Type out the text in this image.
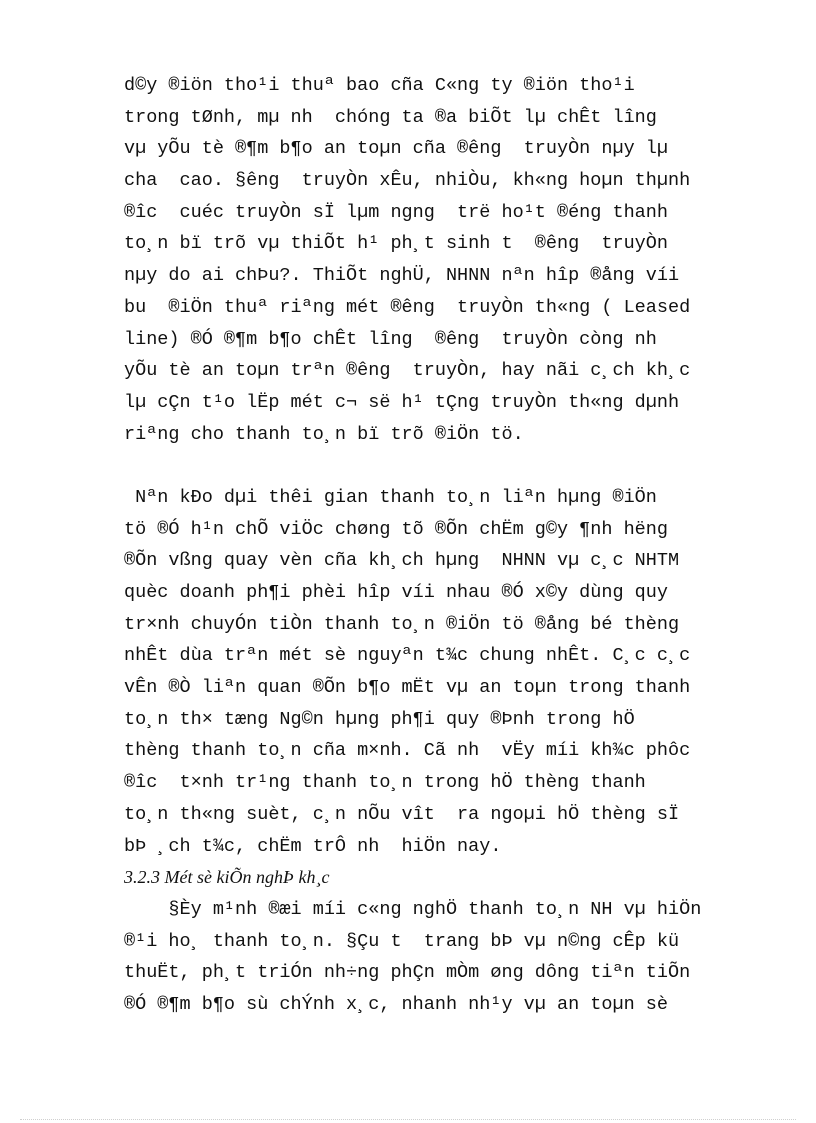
d©y ®iön tho¹i thuª bao cña C«ng ty ®iön tho¹i
trong tØnh, mµ nh  chóng ta ®a biÕt lµ chÊt lîng
vµ yÕu tè ®¶m b¶o an toµn cña ®êng  truyÒn nµy lµ
cha  cao. §êng  truyÒn xÊu, nhiÒu, kh«ng hoµn thµnh
®îc  cuéc truyÒn sÏ lµm ngng  trë ho¹t ®éng thanh
to¸n bï trõ vµ thiÕt h¹ ph¸t sinh t  ®êng  truyÒn
nµy do ai chÞu?. ThiÕt nghÜ, NHNN nªn hîp ®ång víi
bu  ®iÖn thuª riªng mét ®êng  truyÒn th«ng ( Leased
line) ®Ó ®¶m b¶o chÊt lîng  ®êng  truyÒn còng nh
yÕu tè an toµn trªn ®êng  truyÒn, hay nãi c¸ch kh¸c
lµ cÇn t¹o lËp mét c¬ së h¹ tÇng truyÒn th«ng dµnh
riªng cho thanh to¸n bï trõ ®iÖn tö.

Nªn kÐo dµi thêi gian thanh to¸n liªn hµng ®iÖn
tö ®Ó h¹n chÕ viÖc chøng tõ ®Õn chËm g©y ¶nh hëng
®Õn vßng quay vèn cña kh¸ch hµng  NHNN vµ c¸c NHTM
quèc doanh ph¶i phèi hîp víi nhau ®Ó x©y dùng quy
tr×nh chuyÓn tiÒn thanh to¸n ®iÖn tö ®ång bé thèng
nhÊt dùa trªn mét sè nguyªn t¾c chung nhÊt. C¸c c¸c
vÊn ®Ò liªn quan ®Õn b¶o mËt vµ an toµn trong thanh
to¸n th× tæng Ng©n hµng ph¶i quy ®Þnh trong hÖ
thèng thanh to¸n cña m×nh. Cã nh  vËy míi kh¾c phôc
®îc  t×nh tr¹ng thanh to¸n trong hÖ thèng thanh
to¸n th«ng suèt, c¸n nÕu vît  ra ngoµi hÖ thèng sÏ
bÞ ¸ch t¾c, chËm trÔ nh  hiÖn nay.
3.2.3 Mét sè kiÕn nghÞ kh¸c
§Èy m¹nh ®æi míi c«ng nghÖ thanh to¸n NH vµ hiÖn
®¹i ho¸ thanh to¸n. §Çu t  trang bÞ vµ n©ng cÊp kü
thuËt, ph¸t triÓn nh÷ng phÇn mÒm øng dông tiªn tiÕn
®Ó ®¶m b¶o sù chÝnh x¸c, nhanh nh¹y vµ an toµn sè
